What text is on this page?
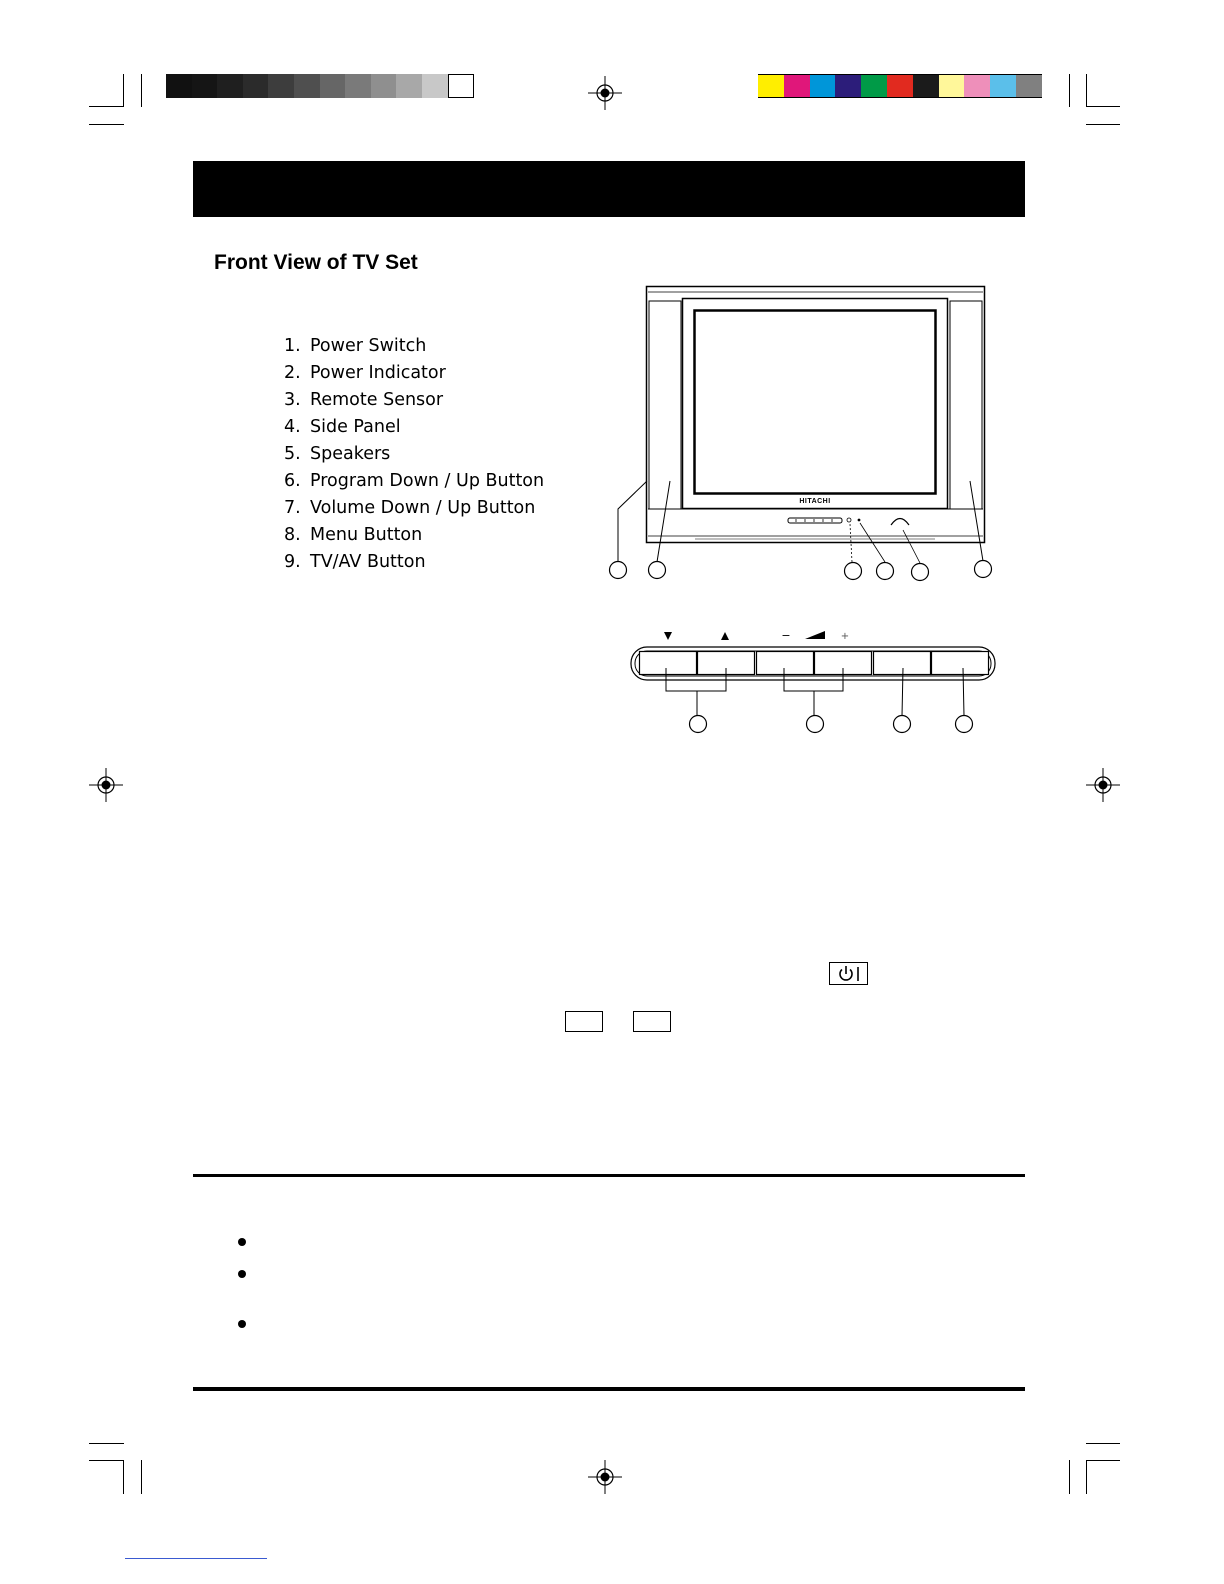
Front View of TV Set
1. Power Switch
2. Power Indicator
3. Remote Sensor
4. Side Panel
5. Speakers
6. Program Down / Up Button
7. Volume Down / Up Button
8. Menu Button
9. TV/AV Button
HITACHI
−	+
